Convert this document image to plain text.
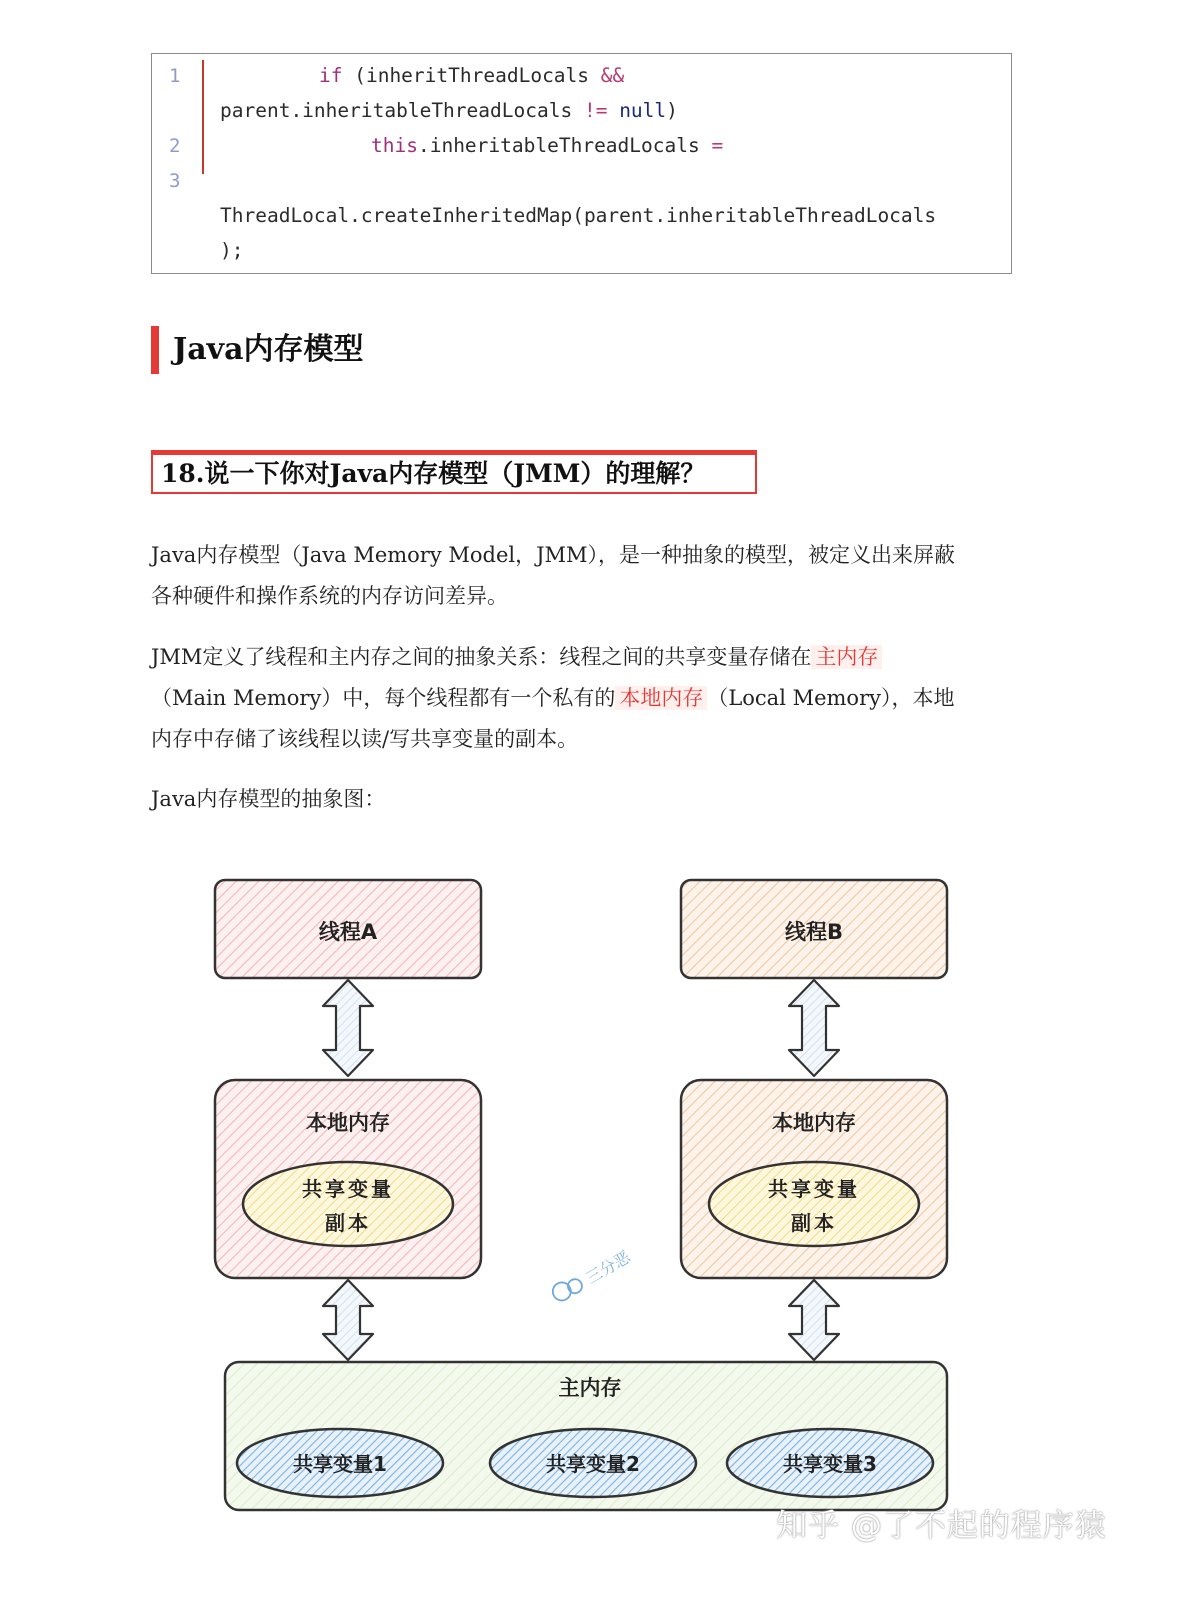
1
2
3
if (inheritThreadLocals &&
parent.inheritableThreadLocals != null)
this.inheritableThreadLocals =
ThreadLocal.createInheritedMap(parent.inheritableThreadLocals
);
Java内存模型
18.说一下你对Java内存模型（JMM）的理解？
Java内存模型（Java Memory Model，JMM），是一种抽象的模型，被定义出来屏蔽
各种硬件和操作系统的内存访问差异。
JMM定义了线程和主内存之间的抽象关系：线程之间的共享变量存储在 主内存
（Main Memory）中，每个线程都有一个私有的 本地内存 （Local Memory），本地
内存中存储了该线程以读/写共享变量的副本。
Java内存模型的抽象图：
线程A	线程B
本地内存
共享变量
副本
本地内存
共享变量
副本
三分恶
主内存
共享变量1	共享变量2	共享变量3
知乎 @了不起的程序猿
